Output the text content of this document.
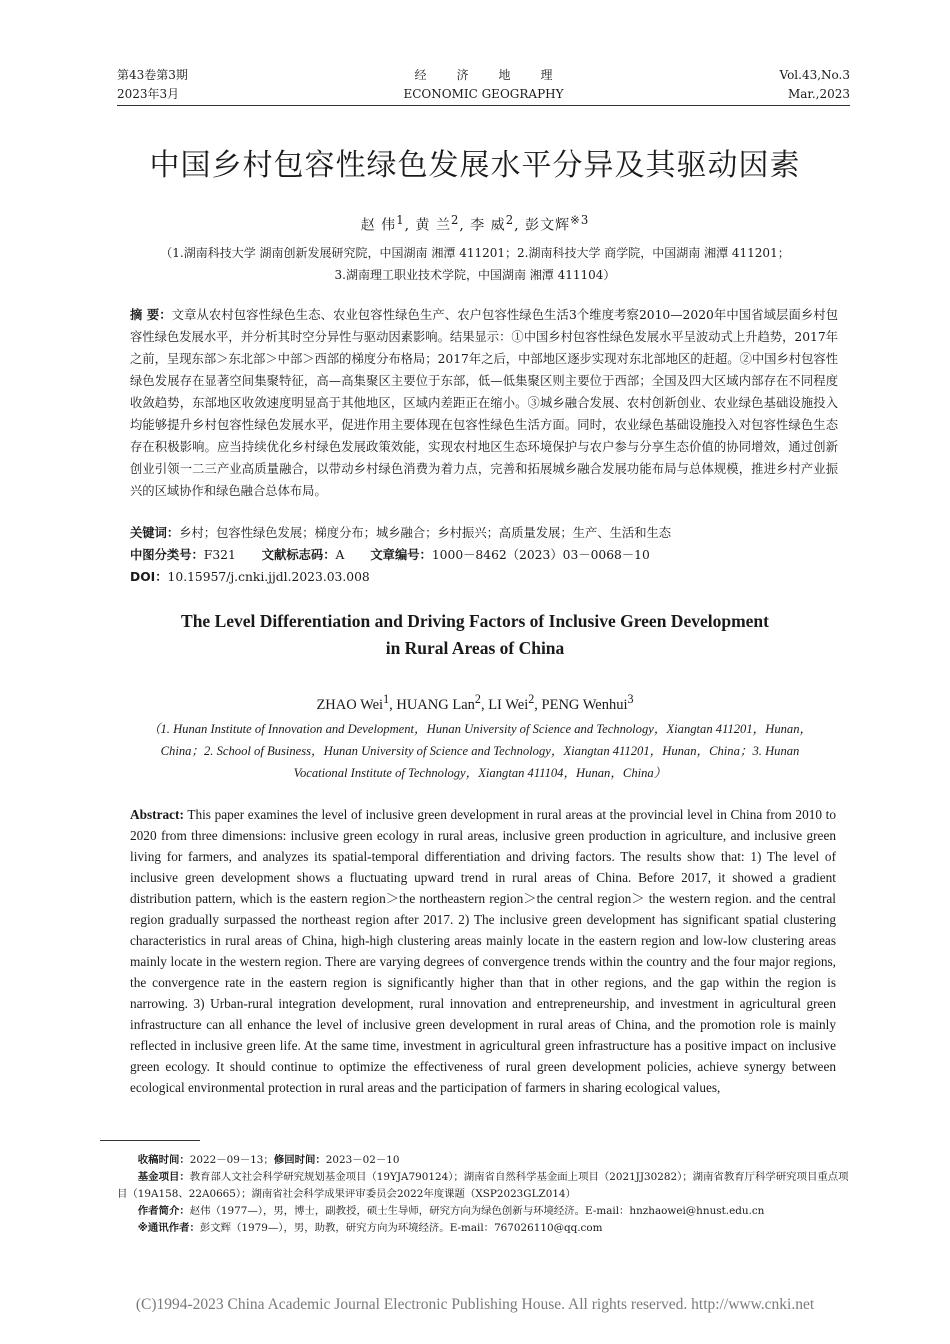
第43卷第3期
2023年3月
经济地理
ECONOMIC GEOGRAPHY
Vol.43,No.3
Mar.,2023
中国乡村包容性绿色发展水平分异及其驱动因素
赵 伟$^1$, 黄 兰$^2$, 李 威$^2$, 彭文辉$^{※3}$
（1.湖南科技大学 湖南创新发展研究院，中国湖南 湘潭 411201；2.湖南科技大学 商学院，中国湖南 湘潭 411201；
3.湖南理工职业技术学院，中国湖南 湘潭 411104）
摘 要：文章从农村包容性绿色生态、农业包容性绿色生产、农户包容性绿色生活3个维度考察2010—2020年中国省域层面乡村包容性绿色发展水平，并分析其时空分异性与驱动因素影响。结果显示：①中国乡村包容性绿色发展水平呈波动式上升趋势，2017年之前，呈现东部＞东北部＞中部＞西部的梯度分布格局；2017年之后，中部地区逐步实现对东北部地区的赶超。②中国乡村包容性绿色发展存在显著空间集聚特征，高—高集聚区主要位于东部，低—低集聚区则主要位于西部；全国及四大区域内部存在不同程度收敛趋势，东部地区收敛速度明显高于其他地区，区域内差距正在缩小。③城乡融合发展、农村创新创业、农业绿色基础设施投入均能够提升乡村包容性绿色发展水平，促进作用主要体现在包容性绿色生活方面。同时，农业绿色基础设施投入对包容性绿色生态存在积极影响。应当持续优化乡村绿色发展政策效能，实现农村地区生态环境保护与农户参与分享生态价值的协同增效，通过创新创业引领一二三产业高质量融合，以带动乡村绿色消费为着力点，完善和拓展城乡融合发展功能布局与总体规模，推进乡村产业振兴的区域协作和绿色融合总体布局。
关键词：乡村；包容性绿色发展；梯度分布；城乡融合；乡村振兴；高质量发展；生产、生活和生态
中图分类号：F321 文献标志码：A 文章编号：1000－8462（2023）03－0068－10
DOI：10.15957/j.cnki.jjdl.2023.03.008
The Level Differentiation and Driving Factors of Inclusive Green Development
in Rural Areas of China
ZHAO Wei$^1$, HUANG Lan$^2$, LI Wei$^2$, PENG Wenhui$^3$
（1. Hunan Institute of Innovation and Development，Hunan University of Science and Technology，Xiangtan 411201，Hunan，
China；2. School of Business，Hunan University of Science and Technology，Xiangtan 411201，Hunan，China；3. Hunan
Vocational Institute of Technology，Xiangtan 411104，Hunan，China）
Abstract: This paper examines the level of inclusive green development in rural areas at the provincial level in China from 2010 to 2020 from three dimensions: inclusive green ecology in rural areas, inclusive green production in agriculture, and inclusive green living for farmers, and analyzes its spatial-temporal differentiation and driving factors. The results show that: 1) The level of inclusive green development shows a fluctuating upward trend in rural areas of China. Before 2017, it showed a gradient distribution pattern, which is the eastern region＞the northeastern region＞the central region＞ the western region. and the central region gradually surpassed the northeast region after 2017. 2) The inclusive green development has significant spatial clustering characteristics in rural areas of China, high-high clustering areas mainly locate in the eastern region and low-low clustering areas mainly locate in the western region. There are varying degrees of convergence trends within the country and the four major regions, the convergence rate in the eastern region is significantly higher than that in other regions, and the gap within the region is narrowing. 3) Urban-rural integration development, rural innovation and entrepreneurship, and investment in agricultural green infrastructure can all enhance the level of inclusive green development in rural areas of China, and the promotion role is mainly reflected in inclusive green life. At the same time, investment in agricultural green infrastructure has a positive impact on inclusive green ecology. It should continue to optimize the effectiveness of rural green development policies, achieve synergy between ecological environmental protection in rural areas and the participation of farmers in sharing ecological values,
收稿时间：2022－09－13；修回时间：2023－02－10
基金项目：教育部人文社会科学研究规划基金项目（19YJA790124）；湖南省自然科学基金面上项目（2021JJ30282）；湖南省教育厅科学研究项目重点项目（19A158、22A0665）；湖南省社会科学成果评审委员会2022年度课题（XSP2023GLZ014）
作者简介：赵伟（1977—），男，博士，副教授，硕士生导师，研究方向为绿色创新与环境经济。E-mail：hnzhaowei@hnust.edu.cn
※通讯作者：彭文辉（1979—），男，助教，研究方向为环境经济。E-mail：767026110@qq.com
(C)1994-2023 China Academic Journal Electronic Publishing House. All rights reserved. http://www.cnki.net
